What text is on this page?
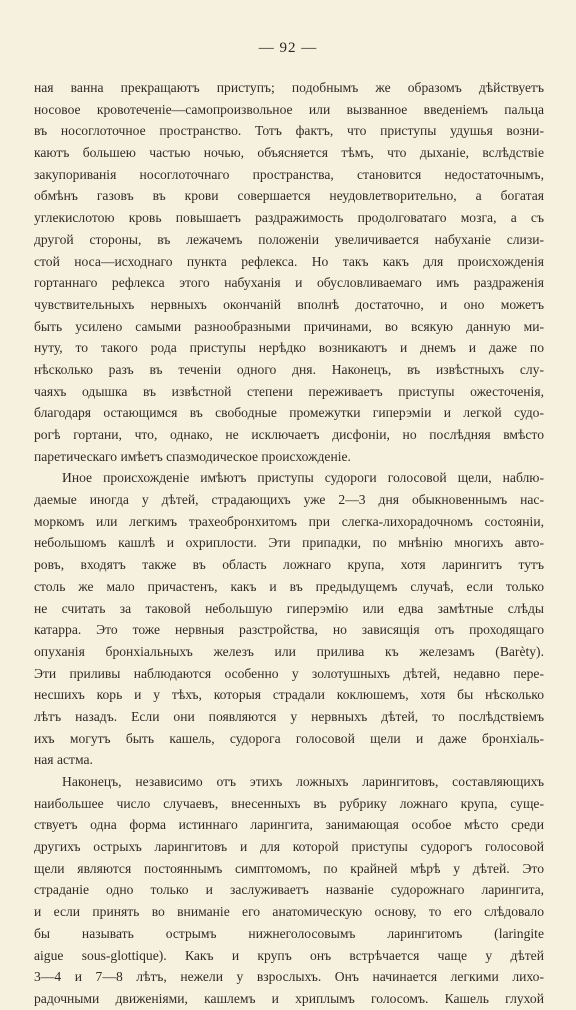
— 92 —
ная ванна прекращаютъ приступъ; подобнымъ же образомъ дѣйствуетъ
носовое кровотеченіе—самопроизвольное или вызванное введеніемъ пальца
въ носоглоточное пространство. Тотъ фактъ, что приступы удушья возни-
каютъ большею частью ночью, объясняется тѣмъ, что дыханіе, вслѣдствіе
закупориванія носоглоточнаго пространства, становится недостаточнымъ,
обмѣнъ газовъ въ крови совершается неудовлетворительно, а богатая
углекислотою кровь повышаетъ раздражимость продолговатаго мозга, а съ
другой стороны, въ лежачемъ положеніи увеличивается набуханіе слизи-
стой носа—исходнаго пункта рефлекса. Но такъ какъ для происхожденія
гортаннаго рефлекса этого набуханія и обусловливаемаго имъ раздраженія
чувствительныхъ нервныхъ окончаній вполнѣ достаточно, и оно можетъ
быть усилено самыми разнообразными причинами, во всякую данную ми-
нуту, то такого рода приступы нерѣдко возникаютъ и днемъ и даже по
нѣсколько разъ въ теченіи одного дня. Наконецъ, въ извѣстныхъ слу-
чаяхъ одышка въ извѣстной степени переживаетъ приступы ожесточенія,
благодаря остающимся въ свободные промежутки гиперэміи и легкой судо-
рогѣ гортани, что, однако, не исключаетъ дисфоніи, но послѣдняя вмѣсто
паретическаго имѣетъ спазмодическое происхожденіе.
Иное происхожденіе имѣютъ приступы судороги голосовой щели, наблю-
даемые иногда у дѣтей, страдающихъ уже 2—3 дня обыкновеннымъ нас-
моркомъ или легкимъ трахеобронхитомъ при слегка-лихорадочномъ состояніи,
небольшомъ кашлѣ и охриплости. Эти припадки, по мнѣнію многихъ авто-
ровъ, входятъ также въ область ложнаго крупа, хотя ларингитъ тутъ
столь же мало причастенъ, какъ и въ предыдущемъ случаѣ, если только
не считать за таковой небольшую гиперэмію или едва замѣтные слѣды
катарра. Это тоже нервныя разстройства, но зависящія отъ проходящаго
опуханія бронхіальныхъ железъ или прилива къ железамъ (Barèty).
Эти приливы наблюдаются особенно у золотушныхъ дѣтей, недавно пере-
несшихъ корь и у тѣхъ, которыя страдали коклюшемъ, хотя бы нѣсколько
лѣтъ назадъ. Если они появляются у нервныхъ дѣтей, то послѣдствіемъ
ихъ могутъ быть кашель, судорога голосовой щели и даже бронхіаль-
ная астма.
Наконецъ, независимо отъ этихъ ложныхъ ларингитовъ, составляющихъ
наибольшее число случаевъ, внесенныхъ въ рубрику ложнаго крупа, суще-
ствуетъ одна форма истиннаго ларингита, занимающая особое мѣсто среди
другихъ острыхъ ларингитовъ и для которой приступы судорогъ голосовой
щели являются постояннымъ симптомомъ, по крайней мѣрѣ у дѣтей. Это
страданіе одно только и заслуживаетъ названіе судорожнаго ларингита,
и если принять во вниманіе его анатомическую основу, то его слѣдовало
бы называть острымъ нижнеголосовымъ ларингитомъ (laringite
aigue sous-glottique). Какъ и крупъ онъ встрѣчается чаще у дѣтей
3—4 и 7—8 лѣтъ, нежели у взрослыхъ. Онъ начинается легкими лихо-
радочными движеніями, кашлемъ и хриплымъ голосомъ. Кашель глухой
